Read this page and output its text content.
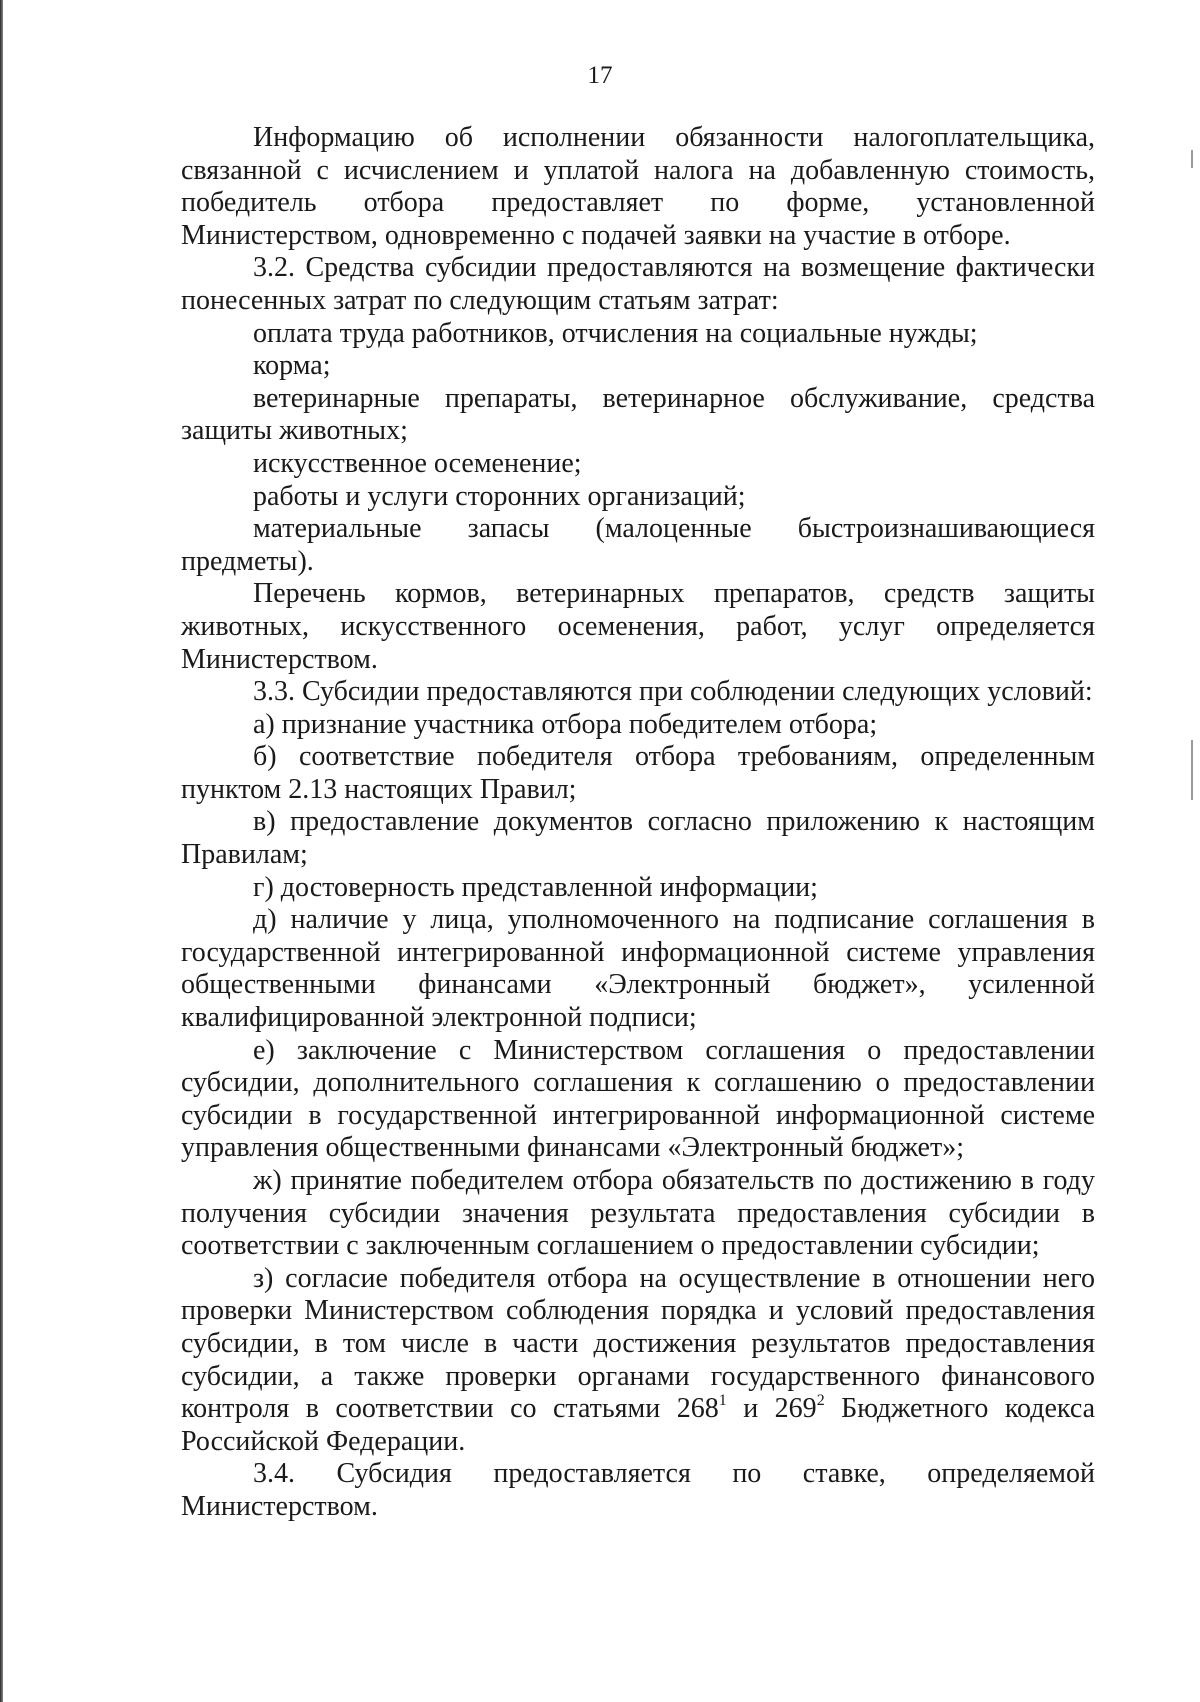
17

Информацию об исполнении обязанности налогоплательщика, связанной с исчислением и уплатой налога на добавленную стоимость, победитель отбора предоставляет по форме, установленной Министерством, одновременно с подачей заявки на участие в отборе.

3.2. Средства субсидии предоставляются на возмещение фактически понесенных затрат по следующим статьям затрат:

оплата труда работников, отчисления на социальные нужды;

корма;

ветеринарные препараты, ветеринарное обслуживание, средства защиты животных;

искусственное осеменение;

работы и услуги сторонних организаций;

материальные запасы (малоценные быстроизнашивающиеся предметы).

Перечень кормов, ветеринарных препаратов, средств защиты животных, искусственного осеменения, работ, услуг определяется Министерством.

3.3. Субсидии предоставляются при соблюдении следующих условий:

а) признание участника отбора победителем отбора;

б) соответствие победителя отбора требованиям, определенным пунктом 2.13 настоящих Правил;

в) предоставление документов согласно приложению к настоящим Правилам;

г) достоверность представленной информации;

д) наличие у лица, уполномоченного на подписание соглашения в государственной интегрированной информационной системе управления общественными финансами «Электронный бюджет», усиленной квалифицированной электронной подписи;

е) заключение с Министерством соглашения о предоставлении субсидии, дополнительного соглашения к соглашению о предоставлении субсидии в государственной интегрированной информационной системе управления общественными финансами «Электронный бюджет»;

ж) принятие победителем отбора обязательств по достижению в году получения субсидии значения результата предоставления субсидии в соответствии с заключенным соглашением о предоставлении субсидии;

з) согласие победителя отбора на осуществление в отношении него проверки Министерством соблюдения порядка и условий предоставления субсидии, в том числе в части достижения результатов предоставления субсидии, а также проверки органами государственного финансового контроля в соответствии со статьями $268^1$ и $269^2$ Бюджетного кодекса Российской Федерации.

3.4. Субсидия предоставляется по ставке, определяемой Министерством.
